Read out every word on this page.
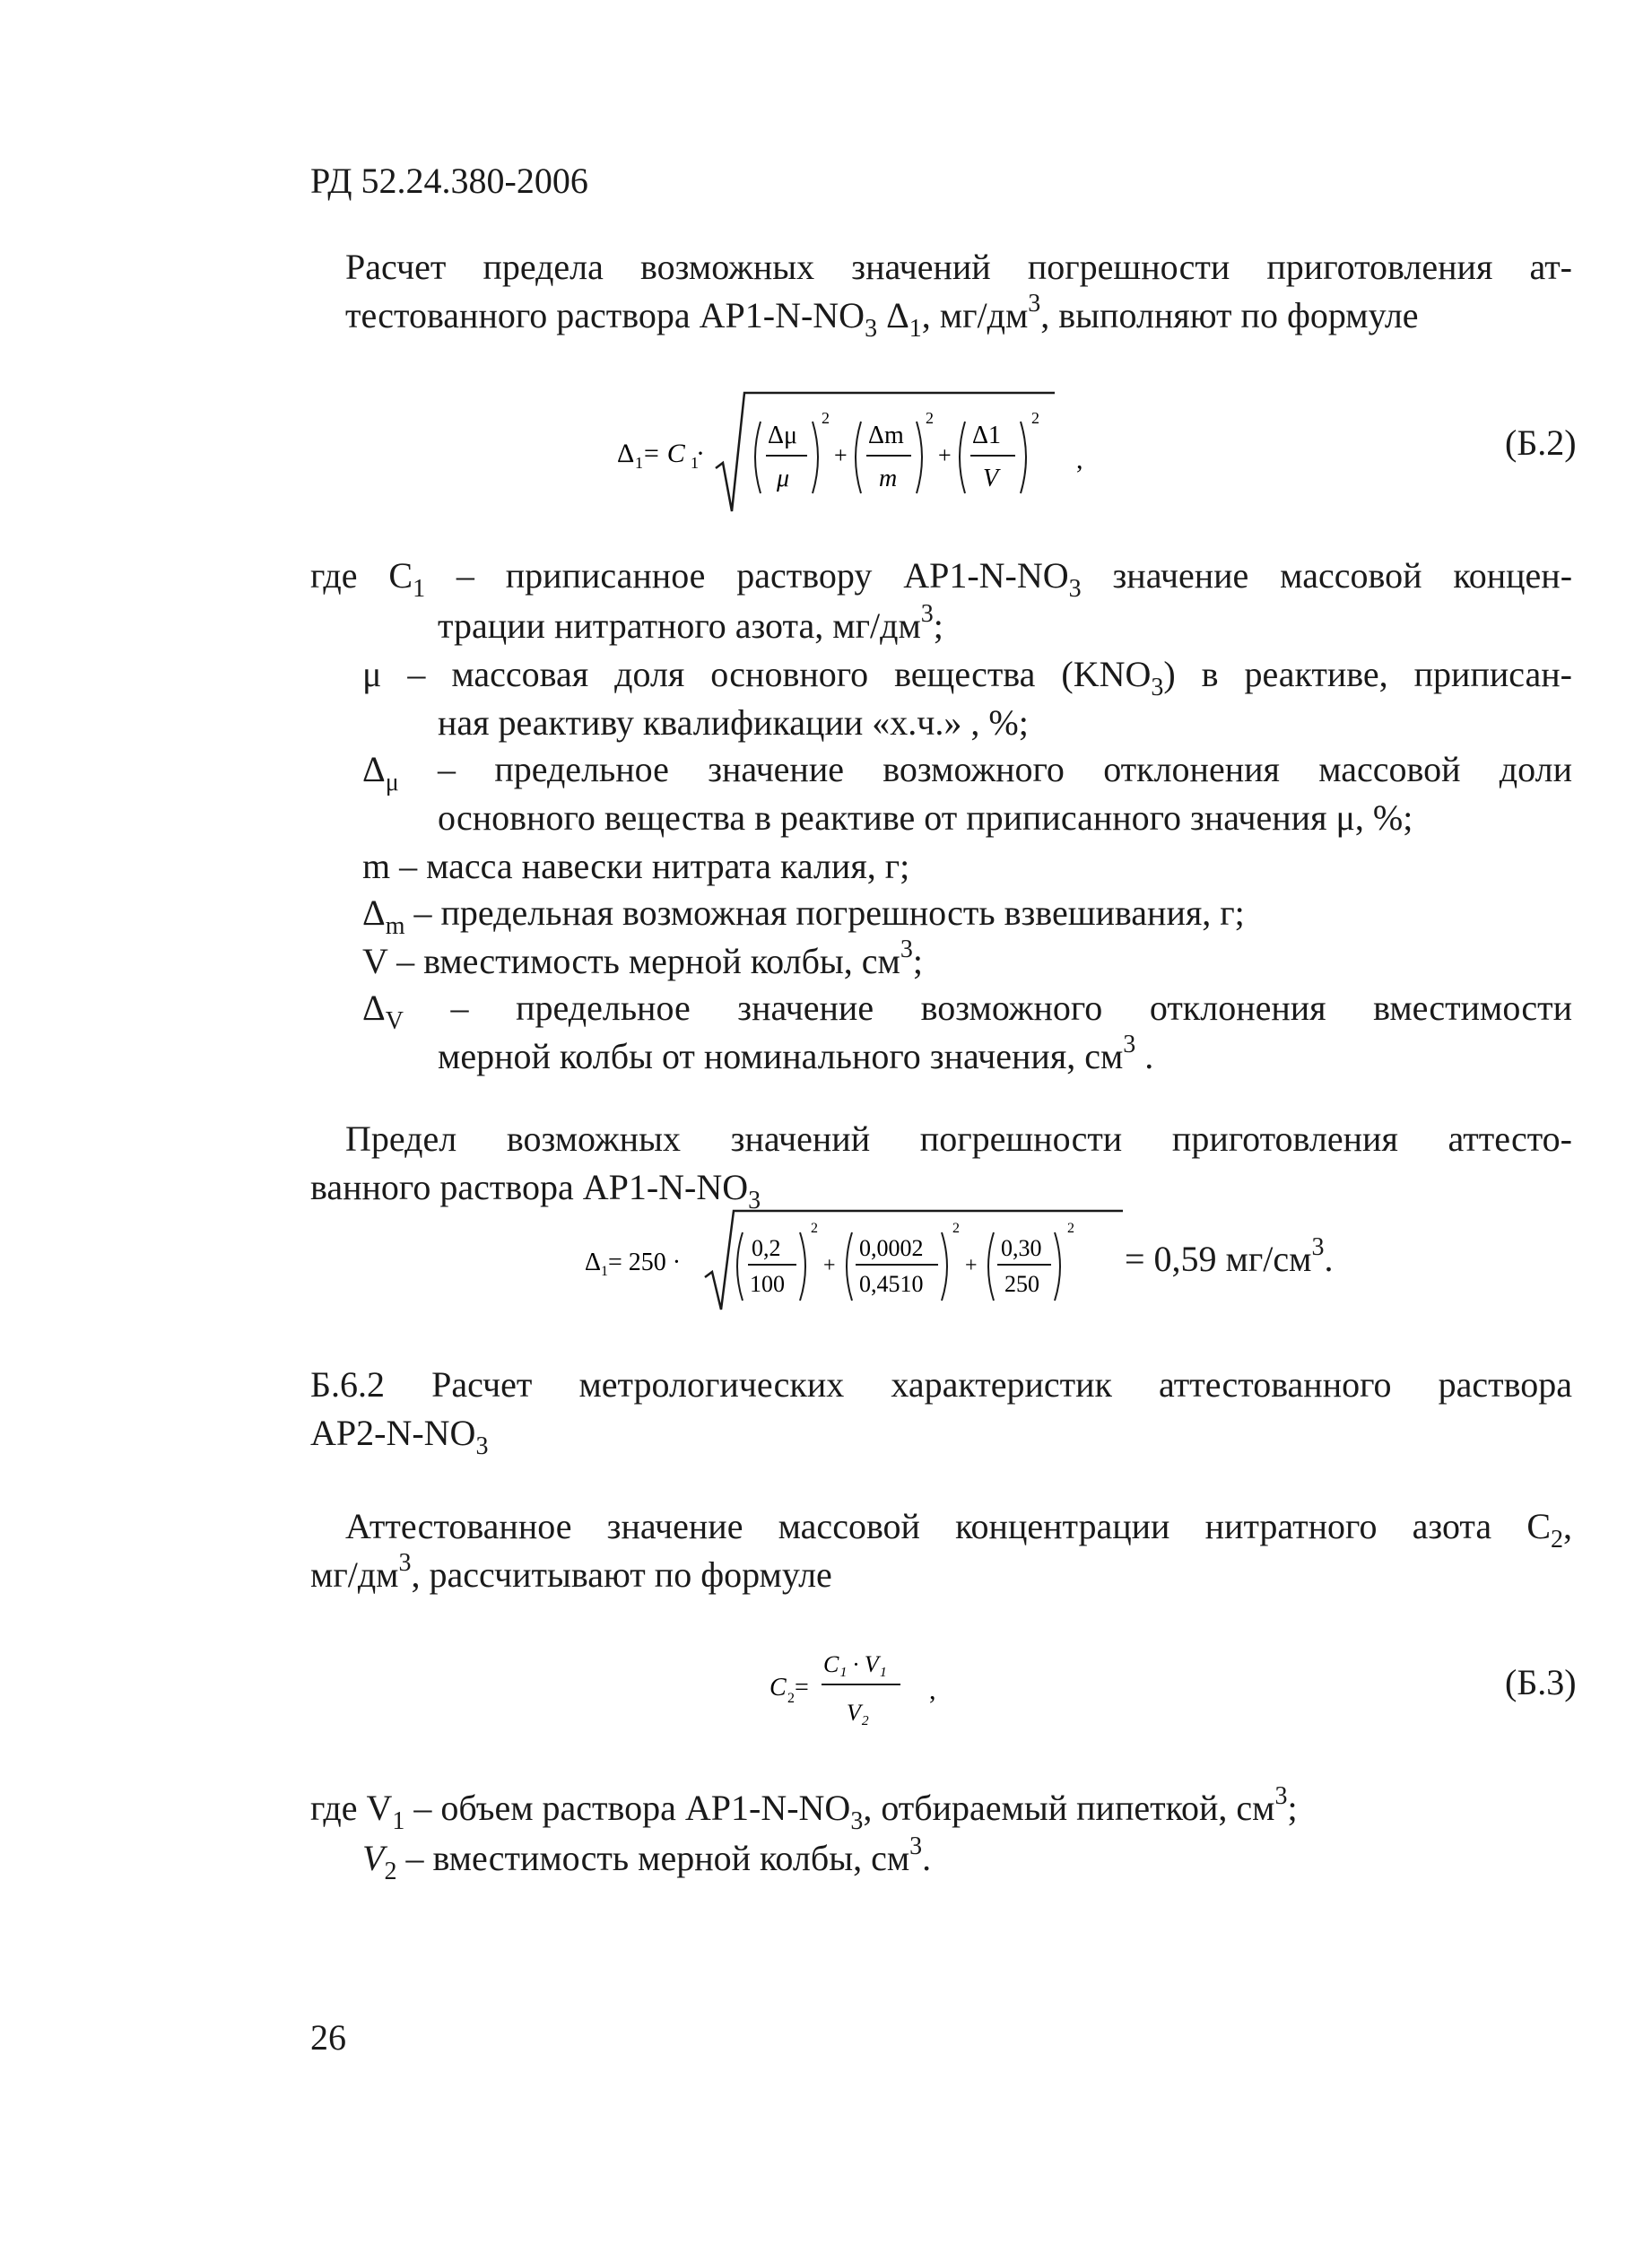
РД 52.24.380-2006
Расчет предела возможных значений погрешности приготовления ат-
тестованного раствора $АР1-N-NO_3$ $\Delta_1$, $мг/дм^3$, выполняют по формуле
Δ 1 = C 1
·
Δμ
μ
2
+
Δm
m
2
+
Δ1
V
2
,	(Б.2)
где $C_1$ – приписанное раствору $АР1-N-NO_3$ значение массовой концен-
трации нитратного азота, $мг/дм^3$;
μ – массовая доля основного вещества $(KNO_3)$ в реактиве, приписан-
ная реактиву квалификации «х.ч.» , %;
$\Delta_\mu$ – предельное значение возможного отклонения массовой доли
основного вещества в реактиве от приписанного значения μ, %;
m – масса навески нитрата калия, г;
$\Delta_m$ – предельная возможная погрешность взвешивания, г;
V – вместимость мерной колбы, $см^3$;
$\Delta_V$ – предельное значение возможного отклонения вместимости
мерной колбы от номинального значения, $см^3$ .
Предел возможных значений погрешности приготовления аттесто-
ванного раствора $АР1-N-NO_3$
Δ 1 = 250 ·
0,2
100
2
+
0,0002
0,4510
2
+
0,30
250
2
= 0,59 $мг/см^3$.
Б.6.2 Расчет метрологических характеристик аттестованного раствора
$АР2-N-NO_3$
Аттестованное значение массовой концентрации нитратного азота $C_2$,
$мг/дм^3$, рассчитывают по формуле
C 2 =
C₁ · V₁
V₂
,	(Б.3)
где $V_1$ – объем раствора $АР1-N-NO_3$, отбираемый пипеткой, $см^3$;
$V_2$ – вместимость мерной колбы, $см^3$.
26
